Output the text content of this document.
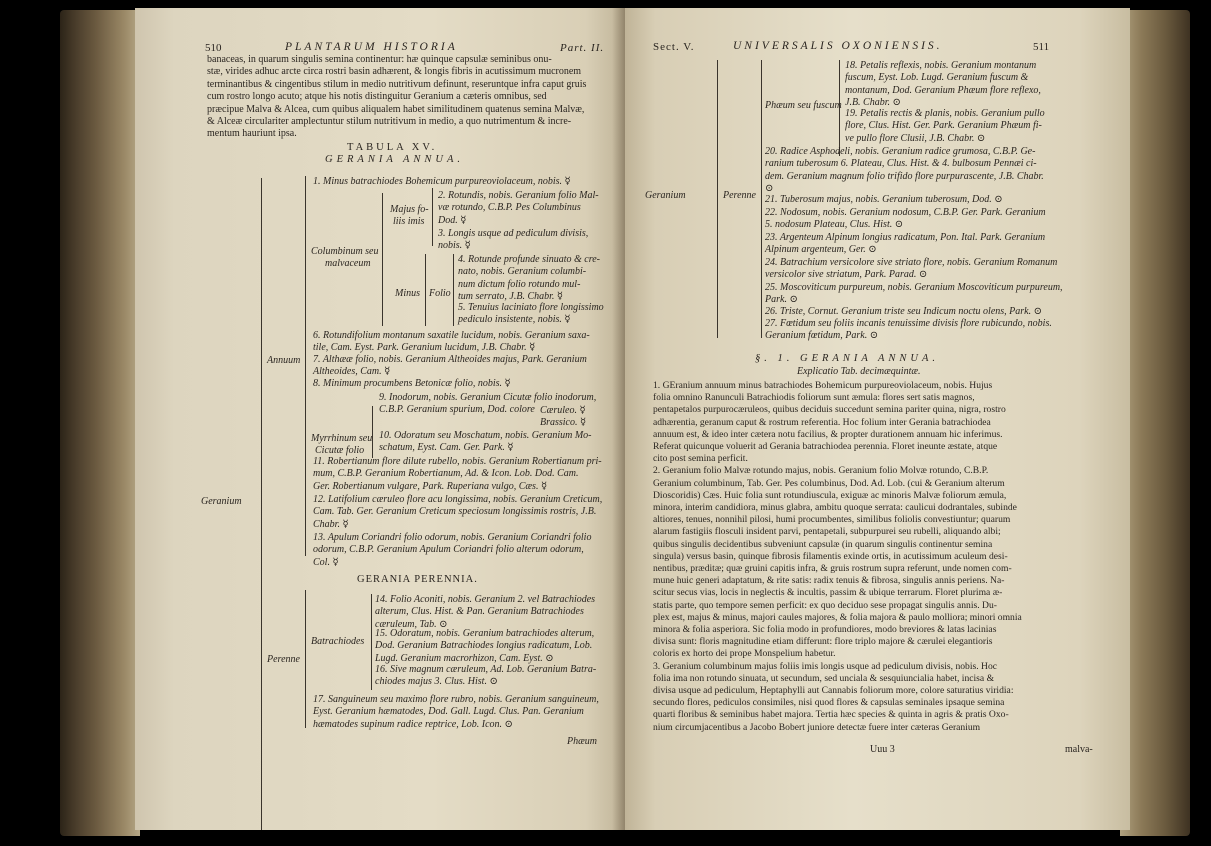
510	PLANTARUM HISTORIA	Part. II.
banaceas, in quarum singulis semina continentur: hæ quinque capsulæ seminibus onu-
stæ, virides adhuc arcte circa rostri basin adhærent, & longis fibris in acutissimum mucronem
terminantibus & cingentibus stilum in medio nutritivum definunt, reseruntque infra caput gruis
cum rostro longo acuto; atque his notis distinguitur Geranium a cæteris omnibus, sed
præcipue Malva & Alcea, cum quibus aliqualem habet similitudinem quatenus semina Malvæ,
& Alceæ circulariter amplectuntur stilum nutritivum in medio, a quo nutrimentum & incre-
mentum hauriunt ipsa.
TABULA XV.
GERANIA ANNUA.
Geranium
Annuum
Columbinum seu
malvaceum
Majus fo-
liis imis
Minus Folio
Myrrhinum seu
Cicutæ folio
1. Minus batrachiodes Bohemicum purpureoviolaceum, nobis. ☿
2. Rotundis, nobis. Geranium folio Mal-
væ rotundo, C.B.P. Pes Columbinus
Dod. ☿
3. Longis usque ad pediculum divisis,
nobis. ☿
4. Rotunde profunde sinuato & cre-
nato, nobis. Geranium columbi-
num dictum folio rotundo mul-
tum serrato, J.B. Chabr. ☿
5. Tenuius laciniato flore longissimo
pediculo insistente, nobis. ☿
6. Rotundifolium montanum saxatile lucidum, nobis. Geranium saxa-
tile, Cam. Eyst. Park. Geranium lucidum, J.B. Chabr. ☿
7. Althææ folio, nobis. Geranium Altheoides majus, Park. Geranium
Altheoides, Cam. ☿
8. Minimum procumbens Betonicæ folio, nobis. ☿
9. Inodorum, nobis. Geranium Cicutæ folio inodorum,
C.B.P. Geranium spurium, Dod. colore Cæruleo. ☿
Brassico. ☿
10. Odoratum seu Moschatum, nobis. Geranium Mo-
schatum, Eyst. Cam. Ger. Park. ☿
11. Robertianum flore dilute rubello, nobis. Geranium Robertianum pri-
mum, C.B.P. Geranium Robertianum, Ad. & Icon. Lob. Dod. Cam.
Ger. Robertianum vulgare, Park. Ruperiana vulgo, Cæs. ☿
12. Latifolium cæruleo flore acu longissima, nobis. Geranium Creticum,
Cam. Tab. Ger. Geranium Creticum speciosum longissimis rostris, J.B.
Chabr. ☿
13. Apulum Coriandri folio odorum, nobis. Geranium Coriandri folio
odorum, C.B.P. Geranium Apulum Coriandri folio alterum odorum,
Col. ☿
GERANIA PERENNIA.
Perenne
Batrachiodes
14. Folio Aconiti, nobis. Geranium 2. vel Batrachiodes
alterum, Clus. Hist. & Pan. Geranium Batrachiodes
cæruleum, Tab. ⊙
15. Odoratum, nobis. Geranium batrachiodes alterum,
Dod. Geranium Batrachiodes longius radicatum, Lob.
Lugd. Geranium macrorhizon, Cam. Eyst. ⊙
16. Sive magnum cæruleum, Ad. Lob. Geranium Batra-
chiodes majus 3. Clus. Hist. ⊙
17. Sanguineum seu maximo flore rubro, nobis. Geranium sanguineum,
Eyst. Geranium hæmatodes, Dod. Gall. Lugd. Clus. Pan. Geranium
hæmatodes supinum radice reptrice, Lob. Icon. ⊙
Phæum
Sect. V.	UNIVERSALIS OXONIENSIS.	511
Geranium	Perenne
Phæum seu fuscum
18. Petalis reflexis, nobis. Geranium montanum
fuscum, Eyst. Lob. Lugd. Geranium fuscum &
montanum, Dod. Geranium Phæum flore reflexo,
J.B. Chabr. ⊙
19. Petalis rectis & planis, nobis. Geranium pullo
flore, Clus. Hist. Ger. Park. Geranium Phæum fi-
ve pullo flore Clusii, J.B. Chabr. ⊙
20. Radice Asphodeli, nobis. Geranium radice grumosa, C.B.P. Ge-
ranium tuberosum 6. Plateau, Clus. Hist. & 4. bulbosum Pennæi ci-
dem. Geranium magnum folio trifido flore purpurascente, J.B. Chabr.
⊙
21. Tuberosum majus, nobis. Geranium tuberosum, Dod. ⊙
22. Nodosum, nobis. Geranium nodosum, C.B.P. Ger. Park. Geranium
5. nodosum Plateau, Clus. Hist. ⊙
23. Argenteum Alpinum longius radicatum, Pon. Ital. Park. Geranium
Alpinum argenteum, Ger. ⊙
24. Batrachium versicolore sive striato flore, nobis. Geranium Romanum
versicolor sive striatum, Park. Parad. ⊙
25. Moscoviticum purpureum, nobis. Geranium Moscoviticum purpureum,
Park. ⊙
26. Triste, Cornut. Geranium triste seu Indicum noctu olens, Park. ⊙
27. Fœtidum seu foliis incanis tenuissime divisis flore rubicundo, nobis.
Geranium fœtidum, Park. ⊙
§. 1. GERANIA ANNUA.
Explicatio Tab. decimæquintæ.
1. GEranium annuum minus batrachiodes Bohemicum purpureoviolaceum, nobis. Hujus
folia omnino Ranunculi Batrachiodis foliorum sunt æmula: flores sert satis magnos,
pentapetalos purpurocæruleos, quibus deciduis succedunt semina pariter quina, nigra, rostro
adhærentia, geranum caput & rostrum referentia. Hoc folium inter Gerania batrachiodea
annuum est, & ideo inter cætera notu facilius, & propter durationem annuam hic inferimus.
Referat quicunque voluerit ad Gerania batrachiodea perennia. Floret ineunte æstate, atque
cito post semina perficit.
2. Geranium folio Malvæ rotundo majus, nobis. Geranium folio Molvæ rotundo, C.B.P.
Geranium columbinum, Tab. Ger. Pes columbinus, Dod. Ad. Lob. (cui & Geranium alterum
Dioscoridis) Cæs. Huic folia sunt rotundiuscula, exiguæ ac minoris Malvæ foliorum æmula,
minora, interim candidiora, minus glabra, ambitu quoque serrata: caulicui dodrantales, subinde
altiores, tenues, nonnihil pilosi, humi procumbentes, similibus foliolis convestiuntur; quarum
alarum fastigiis flosculi insident parvi, pentapetali, subpurpurei seu rubelli, aliquando albi;
quibus singulis decidentibus subveniunt capsulæ (in quarum singulis continentur semina
singula) versus basin, quinque fibrosis filamentis exinde ortis, in acutissimum aculeum desi-
nentibus, præditæ; quæ gruini capitis infra, & gruis rostrum supra referunt, unde nomen com-
mune huic generi adaptatum, & rite satis: radix tenuis & fibrosa, singulis annis periens. Na-
scitur secus vias, locis in neglectis & incultis, passim & ubique terrarum. Floret plurima æ-
statis parte, quo tempore semen perficit: ex quo deciduo sese propagat singulis annis. Du-
plex est, majus & minus, majori caules majores, & folia majora & paulo molliora; minori omnia
minora & folia asperiora. Sic folia modo in profundiores, modo breviores & latas lacinias
divisa sunt: floris magnitudine etiam differunt: flore triplo majore & cærulei elegantioris
coloris ex horto dei prope Monspelium habetur.
3. Geranium columbinum majus foliis imis longis usque ad pediculum divisis, nobis. Hoc
folia ima non rotundo sinuata, ut secundum, sed unciala & sesquiuncialia habet, incisa &
divisa usque ad pediculum, Heptaphylli aut Cannabis foliorum more, colore saturatius viridia:
secundo flores, pediculos consimiles, nisi quod flores & capsulas seminales ipsaque semina
quarti floribus & seminibus habet majora. Tertia hæc species & quinta in agris & pratis Oxo-
nium circumjacentibus a Jacobo Bobert juniore detectæ fuere inter cæteras Geranium
Uuu 3	malva-
